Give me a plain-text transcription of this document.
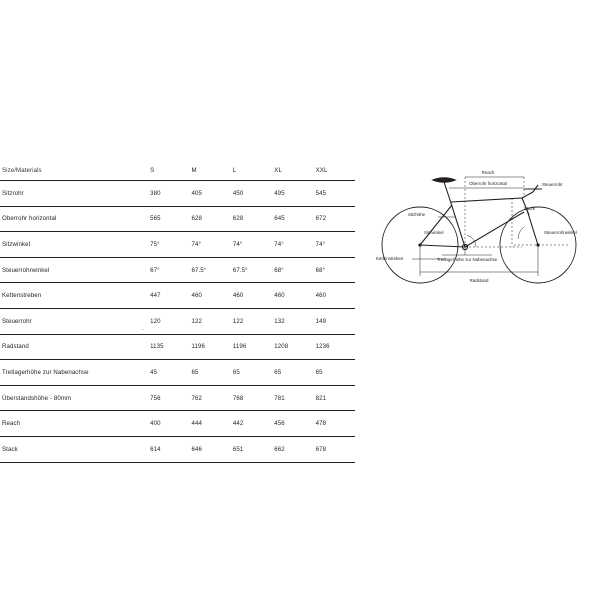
Size/Materials	S	M	L	XL	XXL
Sitzrohr	380	405	450	495	545
Oberrohr horizontal	565	628	628	645	672
Sitzwinkel	75°	74°	74°	74°	74°
Steuerrohrwinkel	67°	67.5°	67.5°	68°	68°
Kettenstreben	447	460	460	460	460
Steuerrohr	120	122	122	132	149
Radstand	1135	1196	1196	1208	1236
Tretlagerhöhe zur Nabenachse	45	65	65	65	65
Überstandshöhe - 80mm	756	762	768	781	821
Reach	400	444	442	456	478
Stack	614	646	651	662	678
.
Reach
Oberrohr horizontal	Steuerrohr
Sitzhöhe
Stack
Sitzwinkel	Steuerrohrwinkel
Kettenstreben	Tretlagerhöhe zur Nabenachse
Radstand
